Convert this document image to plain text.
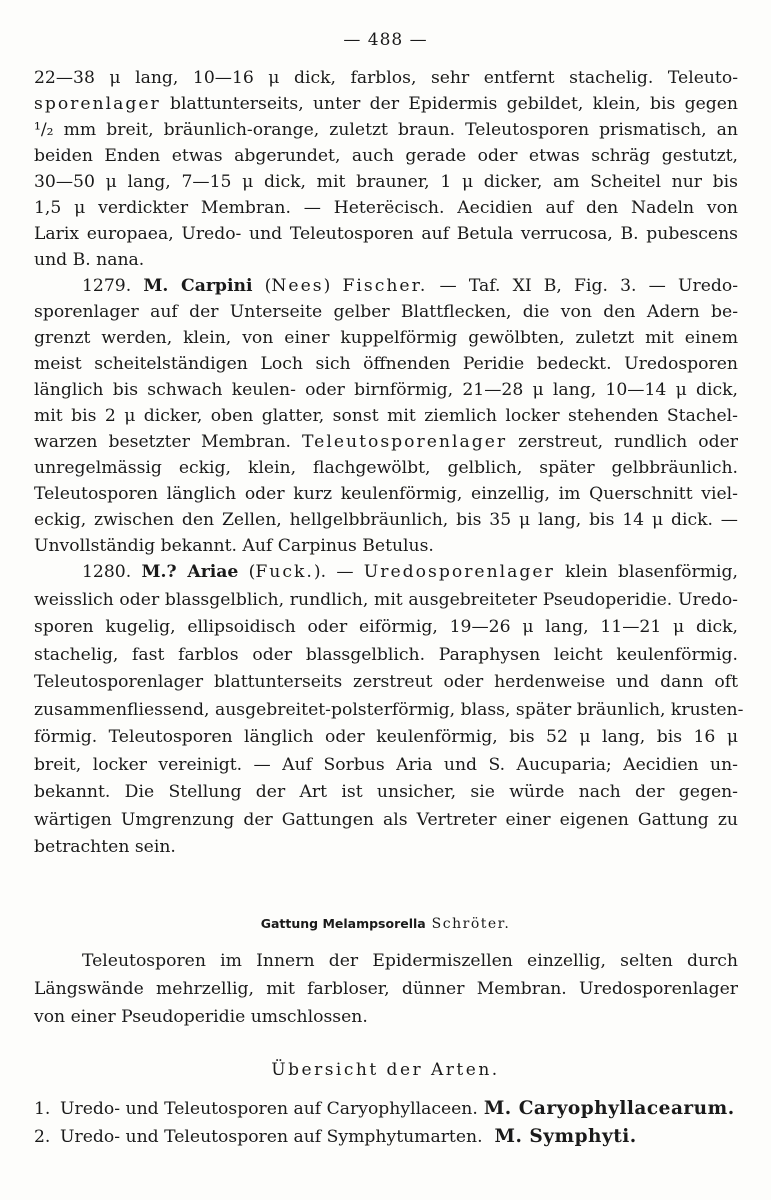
— 488 —
22—38 μ lang, 10—16 μ dick, farblos, sehr entfernt stachelig. Teleuto-
sporenlager blattunterseits, unter der Epidermis gebildet, klein, bis gegen
¹/₂ mm breit, bräunlich-orange, zuletzt braun. Teleutosporen prismatisch, an
beiden Enden etwas abgerundet, auch gerade oder etwas schräg gestutzt,
30—50 μ lang, 7—15 μ dick, mit brauner, 1 μ dicker, am Scheitel nur bis
1,5 μ verdickter Membran. — Heterëcisch. Aecidien auf den Nadeln von
Larix europaea, Uredo- und Teleutosporen auf Betula verrucosa, B. pubescens
und B. nana.
1279. M. Carpini (Nees) Fischer. — Taf. XI B, Fig. 3. — Uredo-
sporenlager auf der Unterseite gelber Blattflecken, die von den Adern be-
grenzt werden, klein, von einer kuppelförmig gewölbten, zuletzt mit einem
meist scheitelständigen Loch sich öffnenden Peridie bedeckt. Uredosporen
länglich bis schwach keulen- oder birnförmig, 21—28 μ lang, 10—14 μ dick,
mit bis 2 μ dicker, oben glatter, sonst mit ziemlich locker stehenden Stachel-
warzen besetzter Membran. Teleutosporenlager zerstreut, rundlich oder
unregelmässig eckig, klein, flachgewölbt, gelblich, später gelbbräunlich.
Teleutosporen länglich oder kurz keulenförmig, einzellig, im Querschnitt viel-
eckig, zwischen den Zellen, hellgelbbräunlich, bis 35 μ lang, bis 14 μ dick. —
Unvollständig bekannt. Auf Carpinus Betulus.
1280. M.? Ariae (Fuck.). — Uredosporenlager klein blasenförmig,
weisslich oder blassgelblich, rundlich, mit ausgebreiteter Pseudoperidie. Uredo-
sporen kugelig, ellipsoidisch oder eiförmig, 19—26 μ lang, 11—21 μ dick,
stachelig, fast farblos oder blassgelblich. Paraphysen leicht keulenförmig.
Teleutosporenlager blattunterseits zerstreut oder herdenweise und dann oft
zusammenfliessend, ausgebreitet-polsterförmig, blass, später bräunlich, krusten-
förmig. Teleutosporen länglich oder keulenförmig, bis 52 μ lang, bis 16 μ
breit, locker vereinigt. — Auf Sorbus Aria und S. Aucuparia; Aecidien un-
bekannt. Die Stellung der Art ist unsicher, sie würde nach der gegen-
wärtigen Umgrenzung der Gattungen als Vertreter einer eigenen Gattung zu
betrachten sein.
Gattung Melampsorella Schröter.
Teleutosporen im Innern der Epidermiszellen einzellig, selten durch
Längswände mehrzellig, mit farbloser, dünner Membran. Uredosporenlager
von einer Pseudoperidie umschlossen.
Übersicht der Arten.
1. Uredo- und Teleutosporen auf Caryophyllaceen. M. Caryophyllacearum.
2. Uredo- und Teleutosporen auf Symphytumarten. M. Symphyti.
